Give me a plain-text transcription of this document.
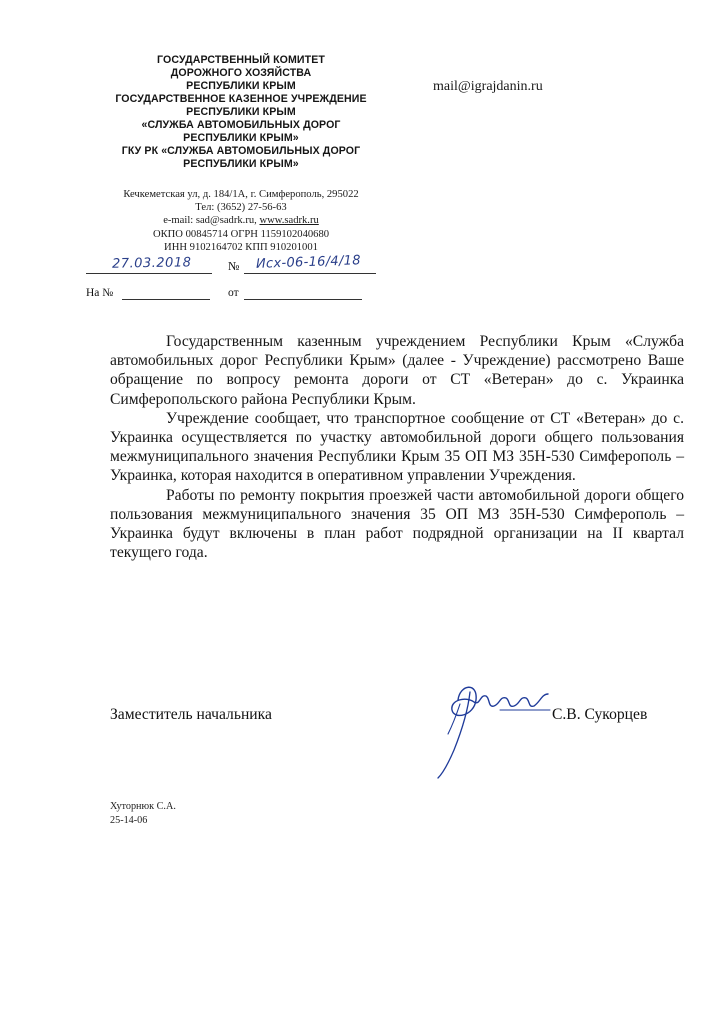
ГОСУДАРСТВЕННЫЙ КОМИТЕТ
ДОРОЖНОГО ХОЗЯЙСТВА
РЕСПУБЛИКИ КРЫМ
ГОСУДАРСТВЕННОЕ КАЗЕННОЕ УЧРЕЖДЕНИЕ
РЕСПУБЛИКИ КРЫМ
«СЛУЖБА АВТОМОБИЛЬНЫХ ДОРОГ
РЕСПУБЛИКИ КРЫМ»
ГКУ РК «СЛУЖБА АВТОМОБИЛЬНЫХ ДОРОГ
РЕСПУБЛИКИ КРЫМ»
Кечкеметская ул, д. 184/1А, г. Симферополь, 295022
Тел: (3652) 27-56-63
e-mail: sad@sadrk.ru, www.sadrk.ru
ОКПО 00845714 ОГРН 1159102040680
ИНН 9102164702 КПП 910201001
mail@igrajdanin.ru
27.03.2018	№ Исх-06-16/4/18
На №	от

Государственным казенным учреждением Республики Крым «Служба автомобильных дорог Республики Крым» (далее - Учреждение) рассмотрено Ваше обращение по вопросу ремонта дороги от СТ «Ветеран» до с. Украинка Симферопольского района Республики Крым.

Учреждение сообщает, что транспортное сообщение от СТ «Ветеран» до с. Украинка осуществляется по участку автомобильной дороги общего пользования межмуниципального значения Республики Крым 35 ОП МЗ 35Н-530 Симферополь – Украинка, которая находится в оперативном управлении Учреждения.

Работы по ремонту покрытия проезжей части автомобильной дороги общего пользования межмуниципального значения 35 ОП МЗ 35Н-530 Симферополь – Украинка будут включены в план работ подрядной организации на II квартал текущего года.

Заместитель начальника	С.В. Сукорцев
Хуторнюк С.А.
25-14-06
